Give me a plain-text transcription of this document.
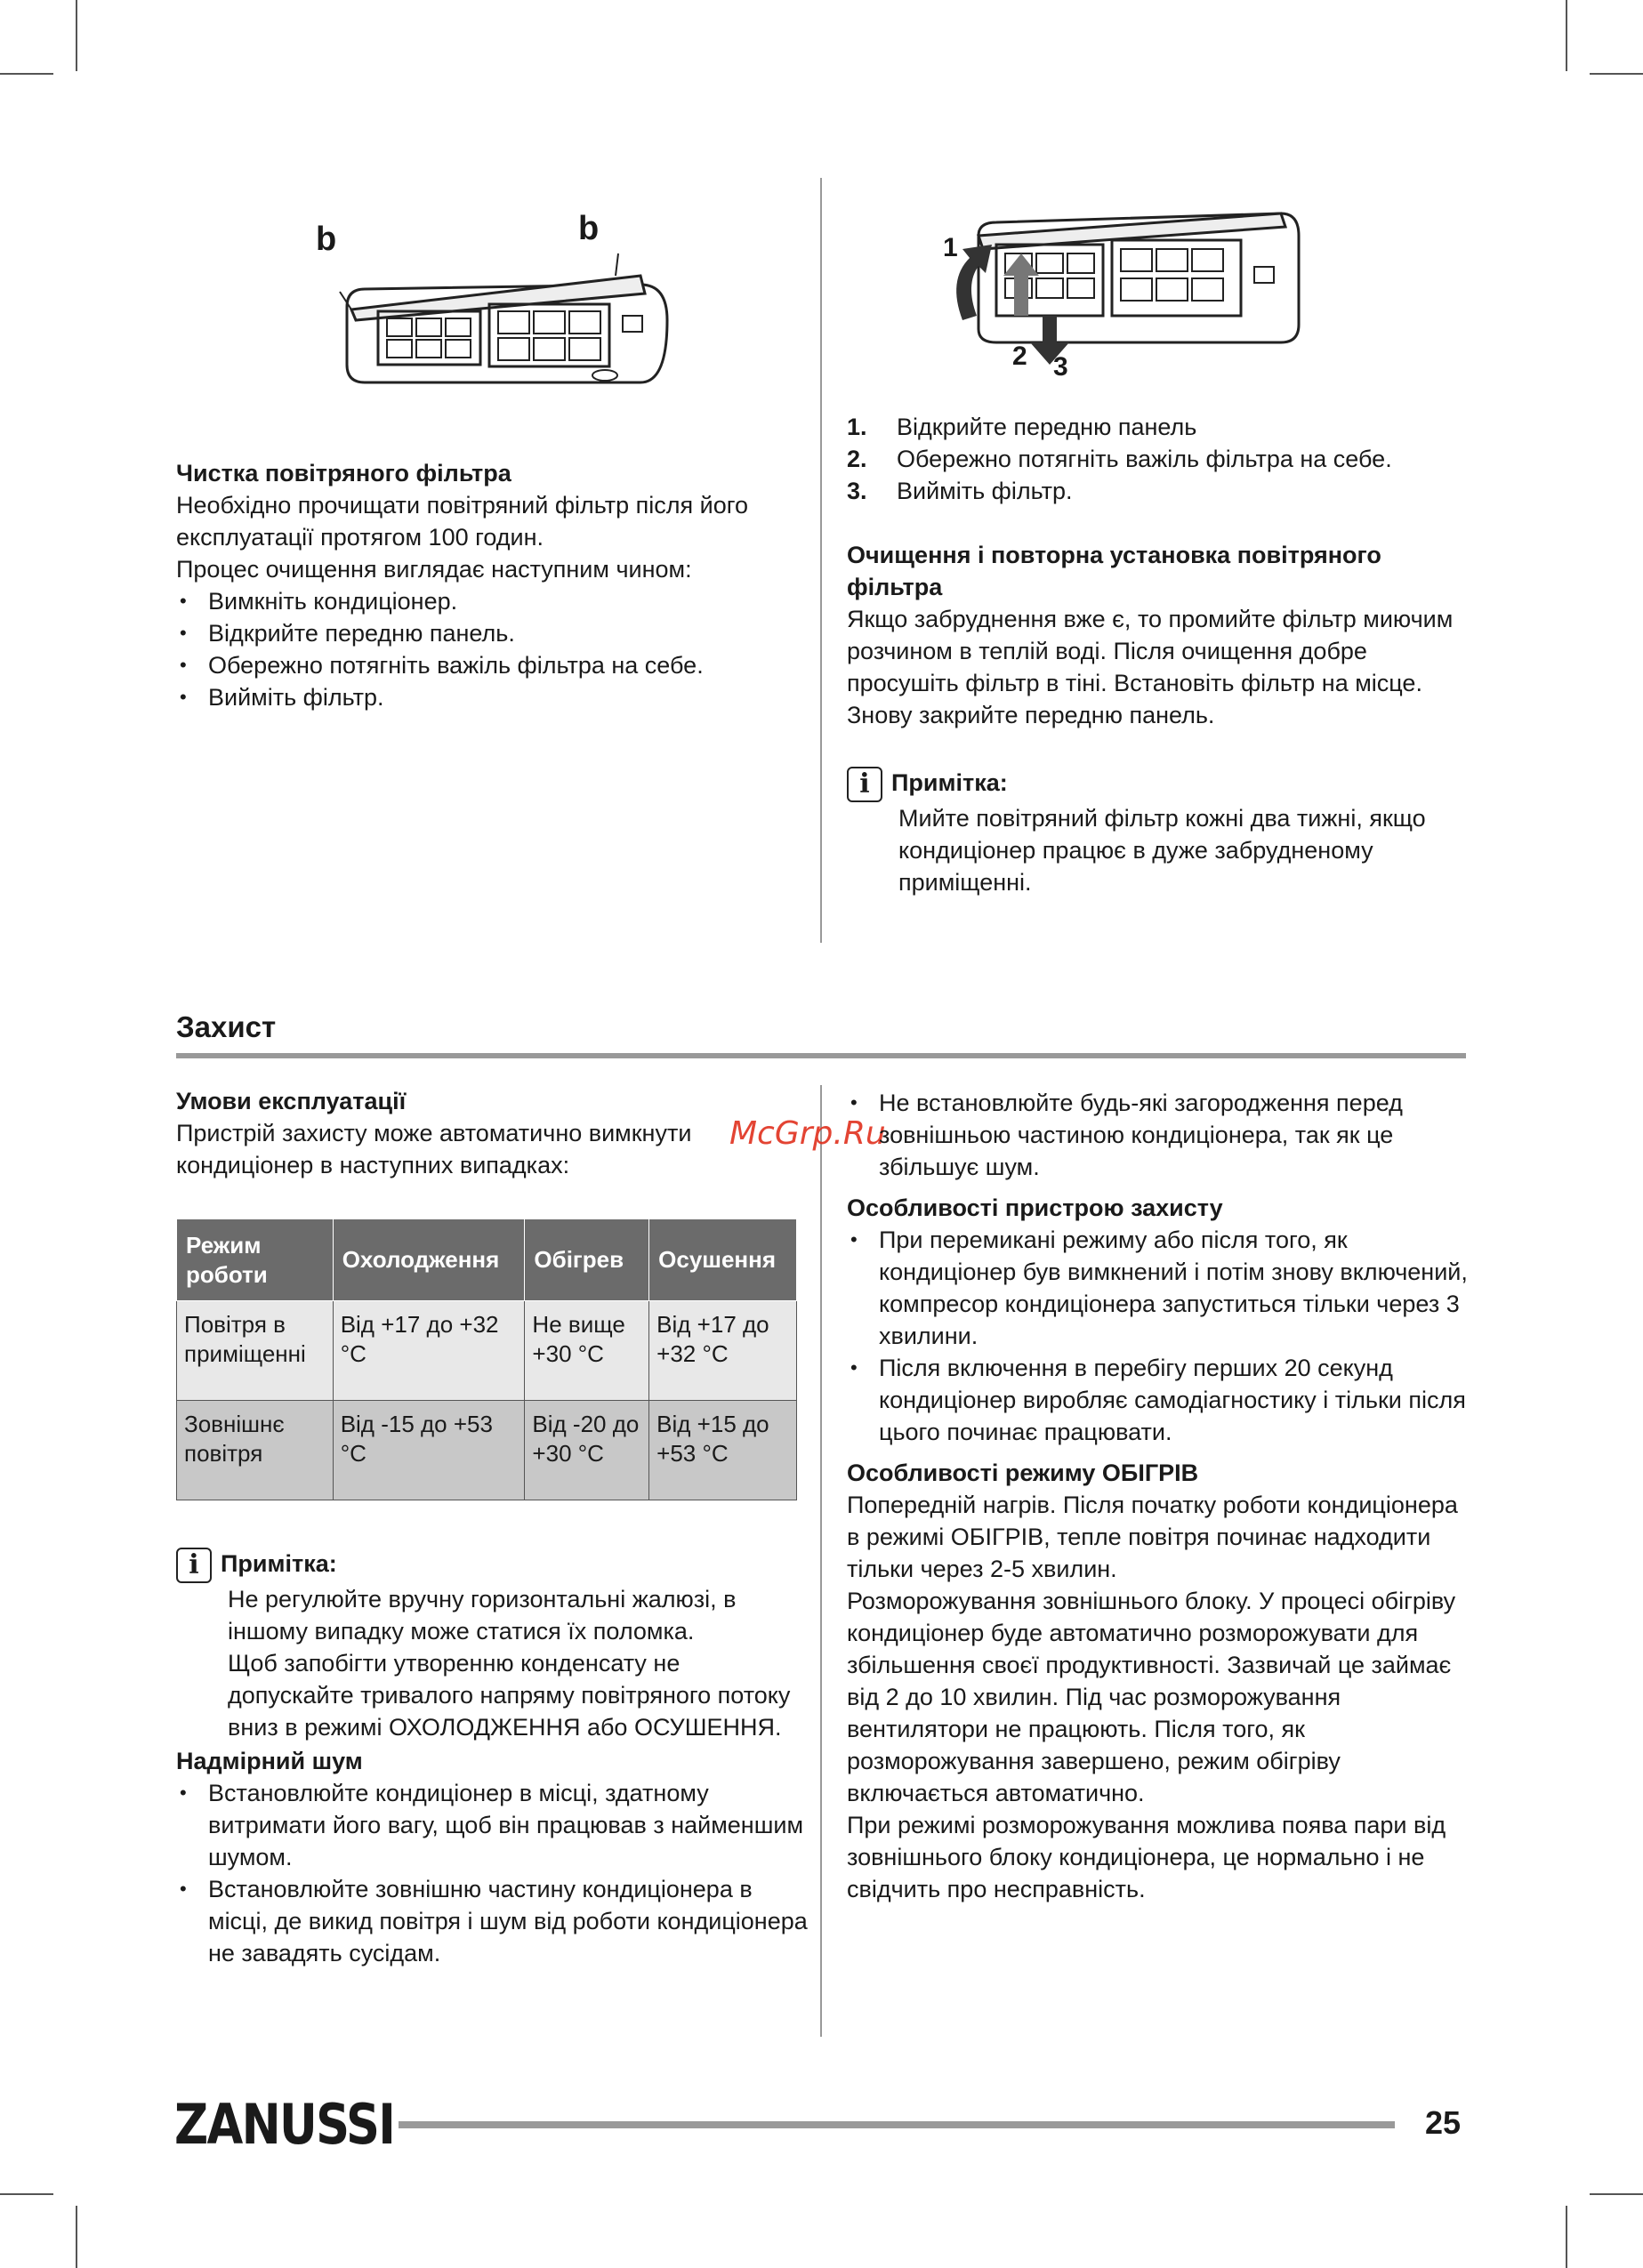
b	b
1
2 3

Чистка повітряного фільтра

Необхідно прочищати повітряний фільтр після його експлуатації протягом 100 годин.

Процес очищення виглядає наступним чином:

• Вимкніть кондиціонер.
• Відкрийте передню панель.
• Обережно потягніть важіль фільтра на себе.
• Вийміть фільтр.
1. Відкрийте передню панель
2. Обережно потягніть важіль фільтра на себе.
3. Вийміть фільтр.

Очищення і повторна установка повітряного фільтра

Якщо забруднення вже є, то промийте фільтр миючим розчином в теплій воді. Після очищення добре просушіть фільтр в тіні. Встановіть фільтр на місце. Знову закрийте передню панель.

i Примітка:

Мийте повітряний фільтр кожні два тижні, якщо кондиціонер працює в дуже забрудненому приміщенні.

Захист

Умови експлуатації

Пристрій захисту може автоматично вимкнути кондиціонер в наступних випадках:

McGrp.Ru
Режим роботи	Охолодження	Обігрев	Осушення
Повітря в приміщенні	Від +17 до +32 °C	Не вище +30 °C	Від +17 до +32 °C
Зовнішнє повітря	Від -15 до +53 °C	Від -20 до +30 °C	Від +15 до +53 °C
i Примітка:

Не регулюйте вручну горизонтальні жалюзі, в іншому випадку може статися їх поломка.

Щоб запобігти утворенню конденсату не допускайте тривалого напряму повітряного потоку вниз в режимі ОХОЛОДЖЕННЯ або ОСУШЕННЯ.

Надмірний шум

• Встановлюйте кондиціонер в місці, здатному витримати його вагу, щоб він працював з найменшим шумом.
• Встановлюйте зовнішню частину кондиціонера в місці, де викид повітря і шум від роботи кондиціонера не завадять сусідам.
• Не встановлюйте будь-які загородження перед зовнішньою частиною кондиціонера, так як це збільшує шум.

Особливості пристрою захисту

• При перемикані режиму або після того, як кондиціонер був вимкнений і потім знову включений, компресор кондиціонера запуститься тільки через 3 хвилини.
• Після включення в перебігу перших 20 секунд кондиціонер виробляє самодіагностику і тільки після цього починає працювати.

Особливості режиму ОБІГРІВ

Попередній нагрів. Після початку роботи кондиціонера в режимі ОБІГРІВ, тепле повітря починає надходити тільки через 2-5 хвилин.

Розморожування зовнішнього блоку. У процесі обігріву кондиціонер буде автоматично розморожувати для збільшення своєї продуктивності. Зазвичай це займає від 2 до 10 хвилин. Під час розморожування вентилятори не працюють. Після того, як розморожування завершено, режим обігріву включається автоматично.

При режимі розморожування можлива поява пари від зовнішнього блоку кондиціонера, це нормально і не свідчить про несправність.

ZANUSSI	25
